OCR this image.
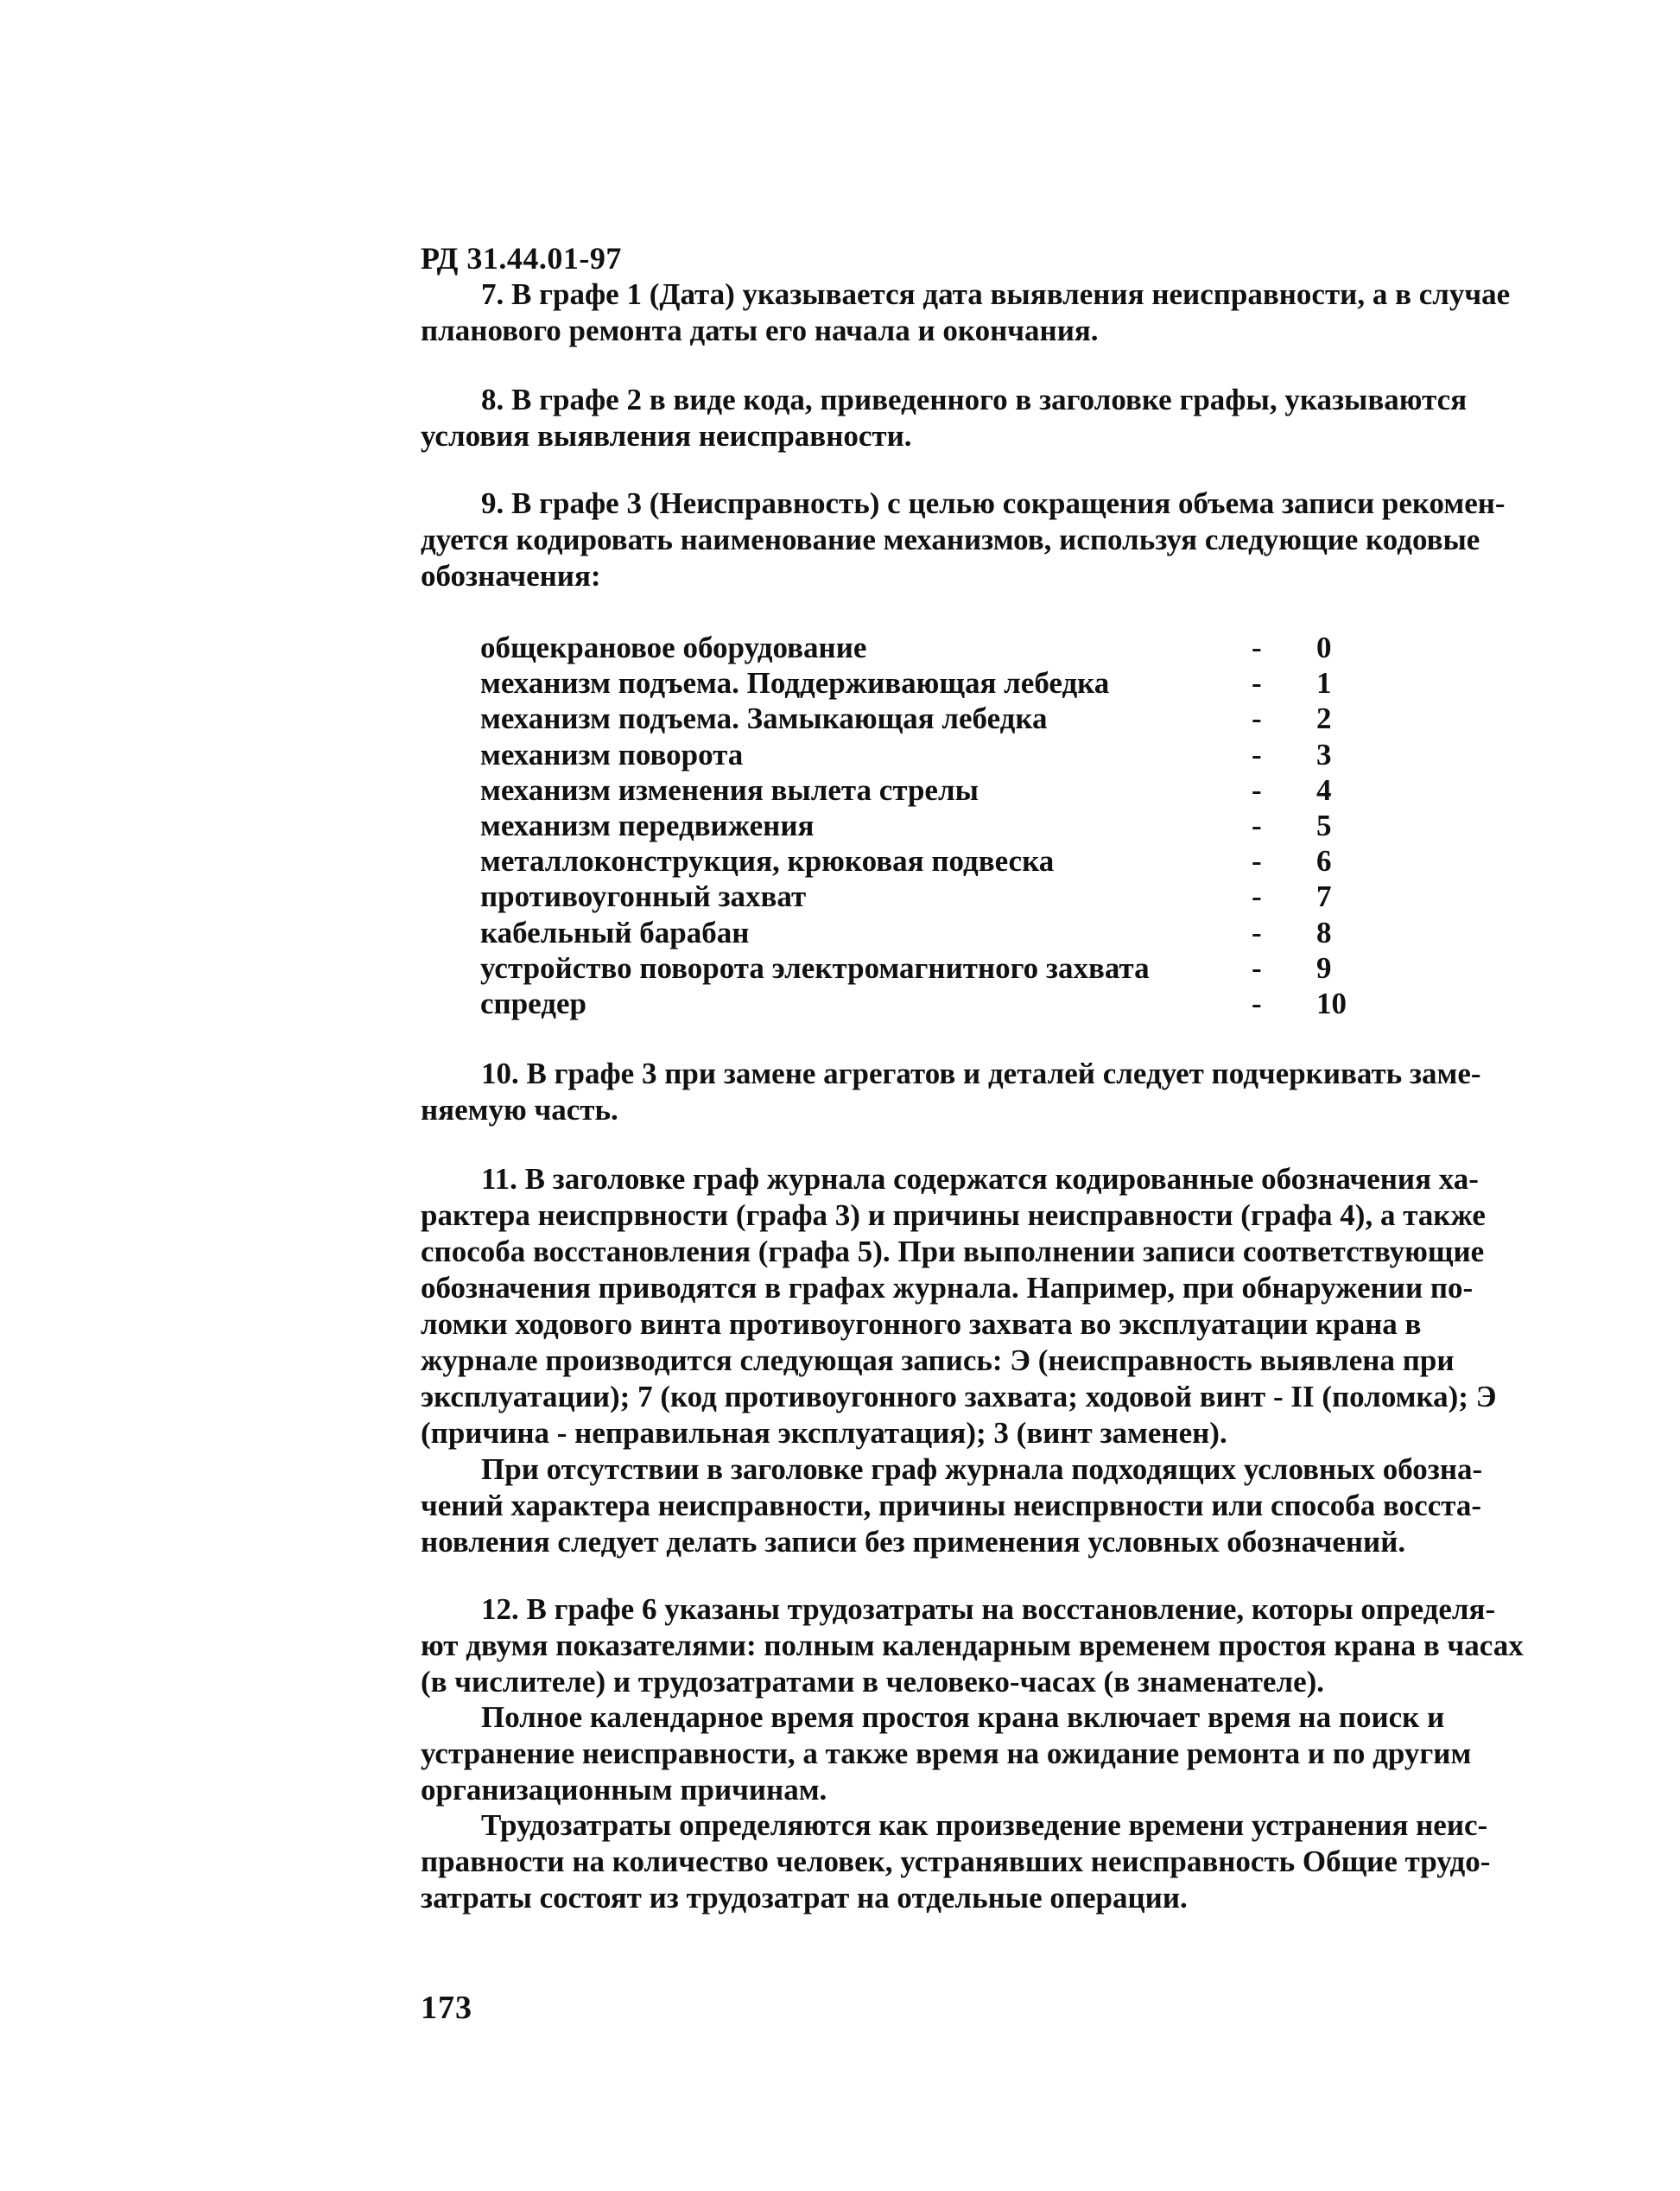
РД 31.44.01-97
7. В графе 1 (Дата) указывается дата выявления неисправности, а в случае
планового ремонта даты его начала и окончания.
8. В графе 2 в виде кода, приведенного в заголовке графы, указываются
условия выявления неисправности.
9. В графе 3 (Неисправность) с целью сокращения объема записи рекомен-
дуется кодировать наименование механизмов, используя следующие кодовые
обозначения:
общекрановое оборудование	- 0
механизм подъема. Поддерживающая лебедка	- 1
механизм подъема. Замыкающая лебедка	- 2
механизм поворота	- 3
механизм изменения вылета стрелы	- 4
механизм передвижения	- 5
металлоконструкция, крюковая подвеска	- 6
противоугонный захват	- 7
кабельный барабан	- 8
устройство поворота электромагнитного захвата	- 9
спредер	- 10
10. В графе 3 при замене агрегатов и деталей следует подчеркивать заме-
няемую часть.
11. В заголовке граф журнала содержатся кодированные обозначения ха-
рактера неиспрвности (графа 3) и причины неисправности (графа 4), а также
способа восстановления (графа 5). При выполнении записи соответствующие
обозначения приводятся в графах журнала. Например, при обнаружении по-
ломки ходового винта противоугонного захвата во эксплуатации крана в
журнале производится следующая запись: Э (неисправность выявлена при
эксплуатации); 7 (код противоугонного захвата; ходовой винт - II (поломка); Э
(причина - неправильная эксплуатация); 3 (винт заменен).
При отсутствии в заголовке граф журнала подходящих условных обозна-
чений характера неисправности, причины неиспрвности или способа восста-
новления следует делать записи без применения условных обозначений.
12. В графе 6 указаны трудозатраты на восстановление, которы определя-
ют двумя показателями: полным календарным временем простоя крана в часах
(в числителе) и трудозатратами в человеко-часах (в знаменателе).
Полное календарное время простоя крана включает время на поиск и
устранение неисправности, а также время на ожидание ремонта и по другим
организационным причинам.
Трудозатраты определяются как произведение времени устранения неис-
правности на количество человек, устранявших неисправность Общие трудо-
затраты состоят из трудозатрат на отдельные операции.
173
